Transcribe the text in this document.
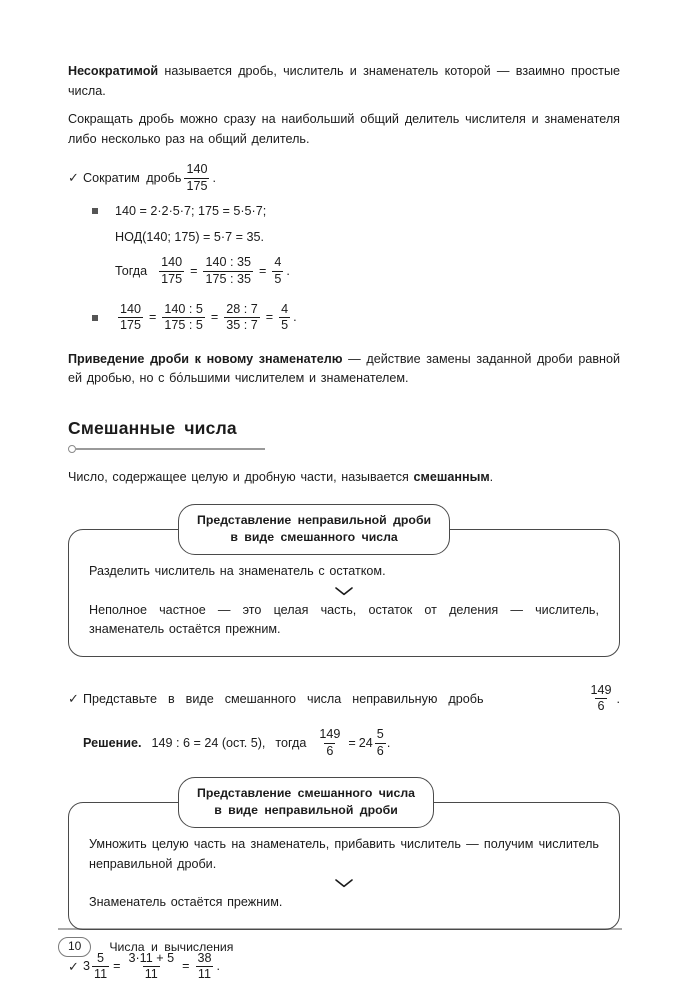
Несократимой называется дробь, числитель и знаменатель которой — взаимно простые числа.

Сокращать дробь можно сразу на наибольший общий делитель числителя и знаменателя либо несколько раз на общий делитель.

✓ Сократим дробь $\frac{140}{175}$ .
140 = 2·2·5·7; 175 = 5·5·7;
НОД(140; 175) = 5·7 = 35.
Тогда $\frac{140}{175} = \frac{140 : 35}{175 : 35} = \frac{4}{5}$ .
$\frac{140}{175} = \frac{140 : 5}{175 : 5} = \frac{28 : 7}{35 : 7} = \frac{4}{5}$ .

Приведение дроби к новому знаменателю — действие замены заданной дроби равной ей дробью, но с бо́льшими числителем и знаменателем.

Смешанные числа

Число, содержащее целую и дробную части, называется смешанным.

Представление неправильной дроби
в виде смешанного числа

Разделить числитель на знаменатель с остатком.

Неполное частное — это целая часть, остаток от деления — числитель, знаменатель остаётся прежним.

✓ Представьте в виде смешанного числа неправильную дробь	$\frac{149}{6}$ .
Решение. 149 : 6 = 24 (ост. 5), тогда $\frac{149}{6} = 24 \frac{5}{6}$ .
Представление смешанного числа
в виде неправильной дроби

Умножить целую часть на знаменатель, прибавить числитель — получим числитель неправильной дроби.

Знаменатель остаётся прежним.

✓ $3 \frac{5}{11} = \frac{3\cdot 11 + 5}{11} = \frac{38}{11}$ .
10	Числа и вычисления
